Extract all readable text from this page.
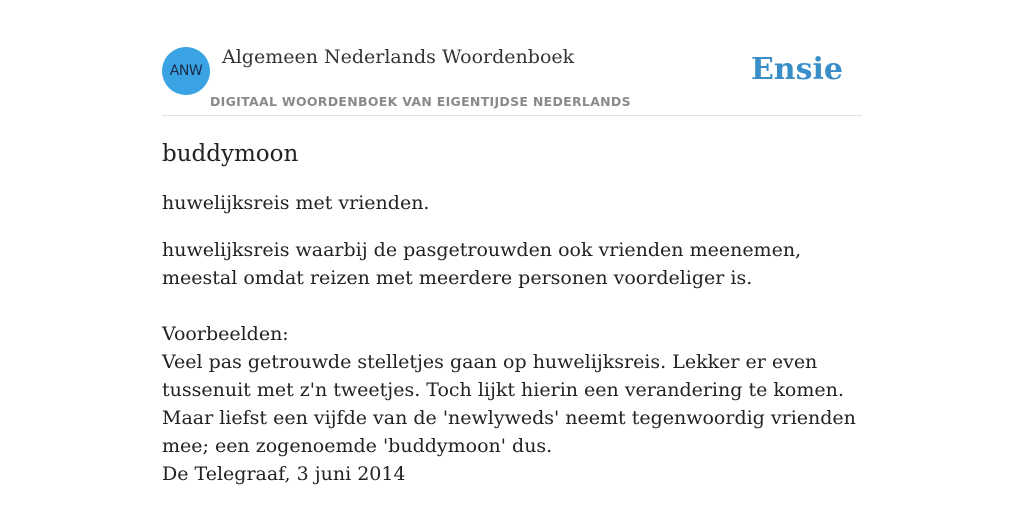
ANW
Algemeen Nederlands Woordenboek
DIGITAAL WOORDENBOEK VAN EIGENTIJDSE NEDERLANDS
Ensie
buddymoon

huwelijksreis met vrienden.

huwelijksreis waarbij de pasgetrouwden ook vrienden meenemen, meestal omdat reizen met meerdere personen voordeliger is.

Voorbeelden:
Veel pas getrouwde stelletjes gaan op huwelijksreis. Lekker er even tussenuit met z'n tweetjes. Toch lijkt hierin een verandering te komen. Maar liefst een vijfde van de 'newlyweds' neemt tegenwoordig vrienden mee; een zogenoemde 'buddymoon' dus.
De Telegraaf, 3 juni 2014
